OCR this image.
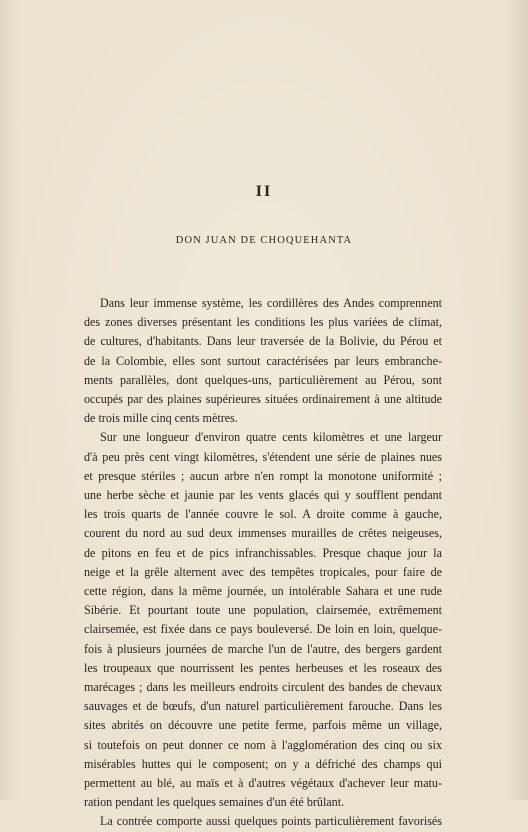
II
DON JUAN DE CHOQUEHANTA

Dans leur immense système, les cordillères des Andes comprennent
des zones diverses présentant les conditions les plus variées de climat,
de cultures, d'habitants. Dans leur traversée de la Bolivie, du Pérou et
de la Colombie, elles sont surtout caractérisées par leurs embranche-
ments parallèles, dont quelques-uns, particulièrement au Pérou, sont
occupés par des plaines supérieures situées ordinairement à une altitude
de trois mille cinq cents mètres.

Sur une longueur d'environ quatre cents kilomètres et une largeur
d'à peu près cent vingt kilomètres, s'étendent une série de plaines nues
et presque stériles ; aucun arbre n'en rompt la monotone uniformité ;
une herbe sèche et jaunie par les vents glacés qui y soufflent pendant
les trois quarts de l'année couvre le sol. A droite comme à gauche,
courent du nord au sud deux immenses murailles de crêtes neigeuses,
de pitons en feu et de pics infranchissables. Presque chaque jour la
neige et la grêle alternent avec des tempêtes tropicales, pour faire de
cette région, dans la même journée, un intolérable Sahara et une rude
Sibérie. Et pourtant toute une population, clairsemée, extrêmement
clairsemée, est fixée dans ce pays bouleversé. De loin en loin, quelque-
fois à plusieurs journées de marche l'un de l'autre, des bergers gardent
les troupeaux que nourrissent les pentes herbeuses et les roseaux des
marécages ; dans les meilleurs endroits circulent des bandes de chevaux
sauvages et de bœufs, d'un naturel particulièrement farouche. Dans les
sites abrités on découvre une petite ferme, parfois même un village,
si toutefois on peut donner ce nom à l'agglomération des cinq ou six
misérables huttes qui le composent; on y a défriché des champs qui
permettent au blé, au maïs et à d'autres végétaux d'achever leur matu-
ration pendant les quelques semaines d'un été brûlant.

La contrée comporte aussi quelques points particulièrement favorisés
